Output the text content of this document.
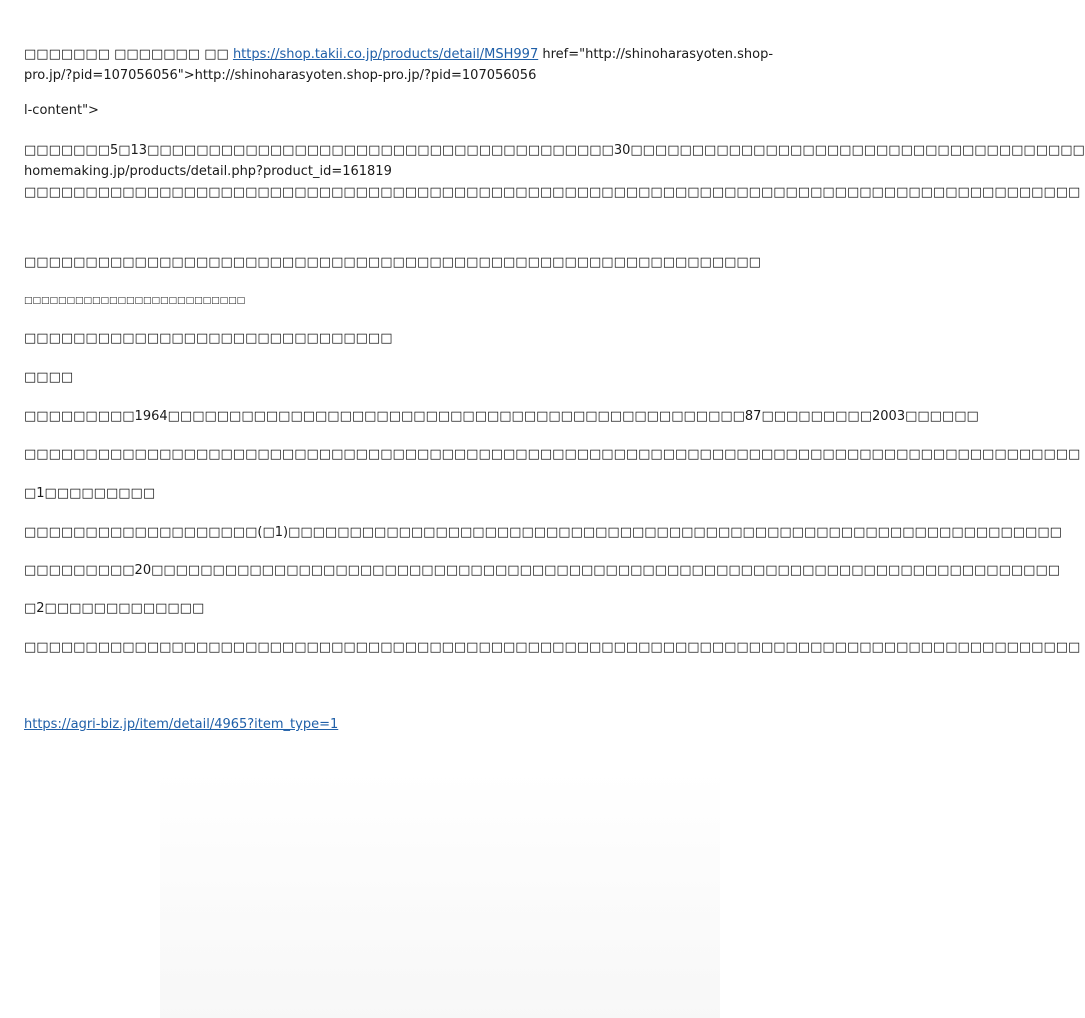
□□□□□□□ □□□□□□□ □□ https://shop.takii.co.jp/products/detail/MSH997 href="http://shinoharasyoten.shop-
pro.jp/?pid=107056056">http://shinoharasyoten.shop-pro.jp/?pid=107056056
l-content">
□□□□□□□5□13□□□□□□□□□□□□□□□□□□□□□□□□□□□□□□□□□□□□□□30□□□□□□□□□□□□□□□□□□□□□□□□□□□□□□□□□□□□□
homemaking.jp/products/detail.php?product_id=161819
□□□□□□□□□□□□□□□□□□□□□□□□□□□□□□□□□□□□□□□□□□□□□□□□□□□□□□□□□□□□□□□□□□□□□□□□□□□□□□□□□□□□□□
□□□□□□□□□□□□□□□□□□□□□□□□□□□□□□□□□□□□□□□□□□□□□□□□□□□□□□□□□□□□
□□□□□□□□□□□□□□□□□□□□□□□□□□
□□□□□□□□□□□□□□□□□□□□□□□□□□□□□□
□□□□
□□□□□□□□□1964□□□□□□□□□□□□□□□□□□□□□□□□□□□□□□□□□□□□□□□□□□□□□□□87□□□□□□□□□2003□□□□□□
□□□□□□□□□□□□□□□□□□□□□□□□□□□□□□□□□□□□□□□□□□□□□□□□□□□□□□□□□□□□□□□□□□□□□□□□□□□□□□□□□□□□□□
□1□□□□□□□□□
□□□□□□□□□□□□□□□□□□□(□1)□□□□□□□□□□□□□□□□□□□□□□□□□□□□□□□□□□□□□□□□□□□□□□□□□□□□□□□□□□□□□□□
□□□□□□□□□20□□□□□□□□□□□□□□□□□□□□□□□□□□□□□□□□□□□□□□□□□□□□□□□□□□□□□□□□□□□□□□□□□□□□□□□□□□
□2□□□□□□□□□□□□□
□□□□□□□□□□□□□□□□□□□□□□□□□□□□□□□□□□□□□□□□□□□□□□□□□□□□□□□□□□□□□□□□□□□□□□□□□□□□□□□□□□□□□□
https://agri-biz.jp/item/detail/4965?item_type=1
